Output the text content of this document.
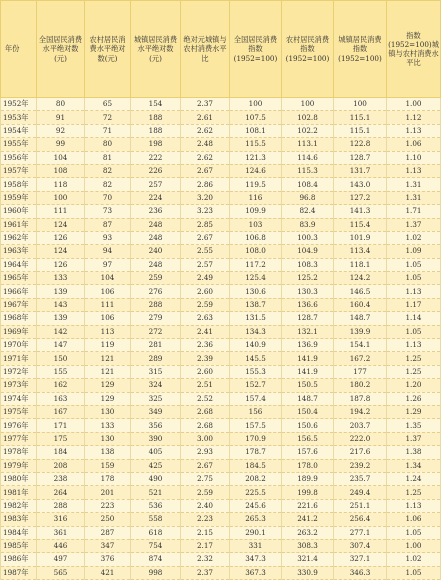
年份	全国居民消费水平绝对数(元)	农村居民消费水平绝对数(元)	城镇居民消费水平绝对数(元)	绝对元城镇与农村消费水平比	全国居民消费指数(1952=100)	农村居民消费指数(1952=100)	城镇居民消费指数(1952=100)	指数(1952=100)城镇与农村消费水平比
1952年	80	65	154	2.37	100	100	100	1.00
1953年	91	72	188	2.61	107.5	102.8	115.1	1.12
1954年	92	71	188	2.62	108.1	102.2	115.1	1.13
1955年	99	80	198	2.48	115.5	113.1	122.8	1.06
1956年	104	81	222	2.62	121.3	114.6	128.7	1.10
1957年	108	82	226	2.67	124.6	115.3	131.7	1.13
1958年	118	82	257	2.86	119.5	108.4	143.0	1.31
1959年	100	70	224	3.20	116	96.8	127.2	1.31
1960年	111	73	236	3.23	109.9	82.4	141.3	1.71
1961年	124	87	248	2.85	103	83.9	115.4	1.37
1962年	126	93	248	2.67	106.8	100.3	101.9	1.02
1963年	124	94	240	2.55	108.0	104.9	113.4	1.09
1964年	126	97	248	2.57	117.2	108.3	118.1	1.05
1965年	133	104	259	2.49	125.4	125.2	124.2	1.05
1966年	139	106	276	2.60	130.6	130.3	146.5	1.13
1967年	143	111	288	2.59	138.7	136.6	160.4	1.17
1968年	139	106	279	2.63	131.5	128.7	148.7	1.14
1969年	142	113	272	2.41	134.3	132.1	139.9	1.05
1970年	147	119	281	2.36	140.9	136.9	154.1	1.13
1971年	150	121	289	2.39	145.5	141.9	167.2	1.25
1972年	155	121	315	2.60	155.3	141.9	177	1.25
1973年	162	129	324	2.51	152.7	150.5	180.2	1.20
1974年	163	129	325	2.52	157.4	148.7	187.8	1.26
1975年	167	130	349	2.68	156	150.4	194.2	1.29
1976年	171	133	356	2.68	157.5	150.6	203.7	1.35
1977年	175	130	390	3.00	170.9	156.5	222.0	1.37
1978年	184	138	405	2.93	178.7	157.6	217.6	1.38
1979年	208	159	425	2.67	184.5	178.0	239.2	1.34
1980年	238	178	490	2.75	208.2	189.9	235.7	1.24
1981年	264	201	521	2.59	225.5	199.8	249.4	1.25
1982年	288	223	536	2.40	245.6	221.6	251.1	1.13
1983年	316	250	558	2.23	265.3	241.2	256.4	1.06
1984年	361	287	618	2.15	290.1	263.2	277.1	1.05
1985年	446	347	754	2.17	331	308.3	307.4	1.00
1986年	497	376	874	2.32	347.3	321.4	327.1	1.02
1987年	565	421	998	2.37	367.3	330.9	346.3	1.05
